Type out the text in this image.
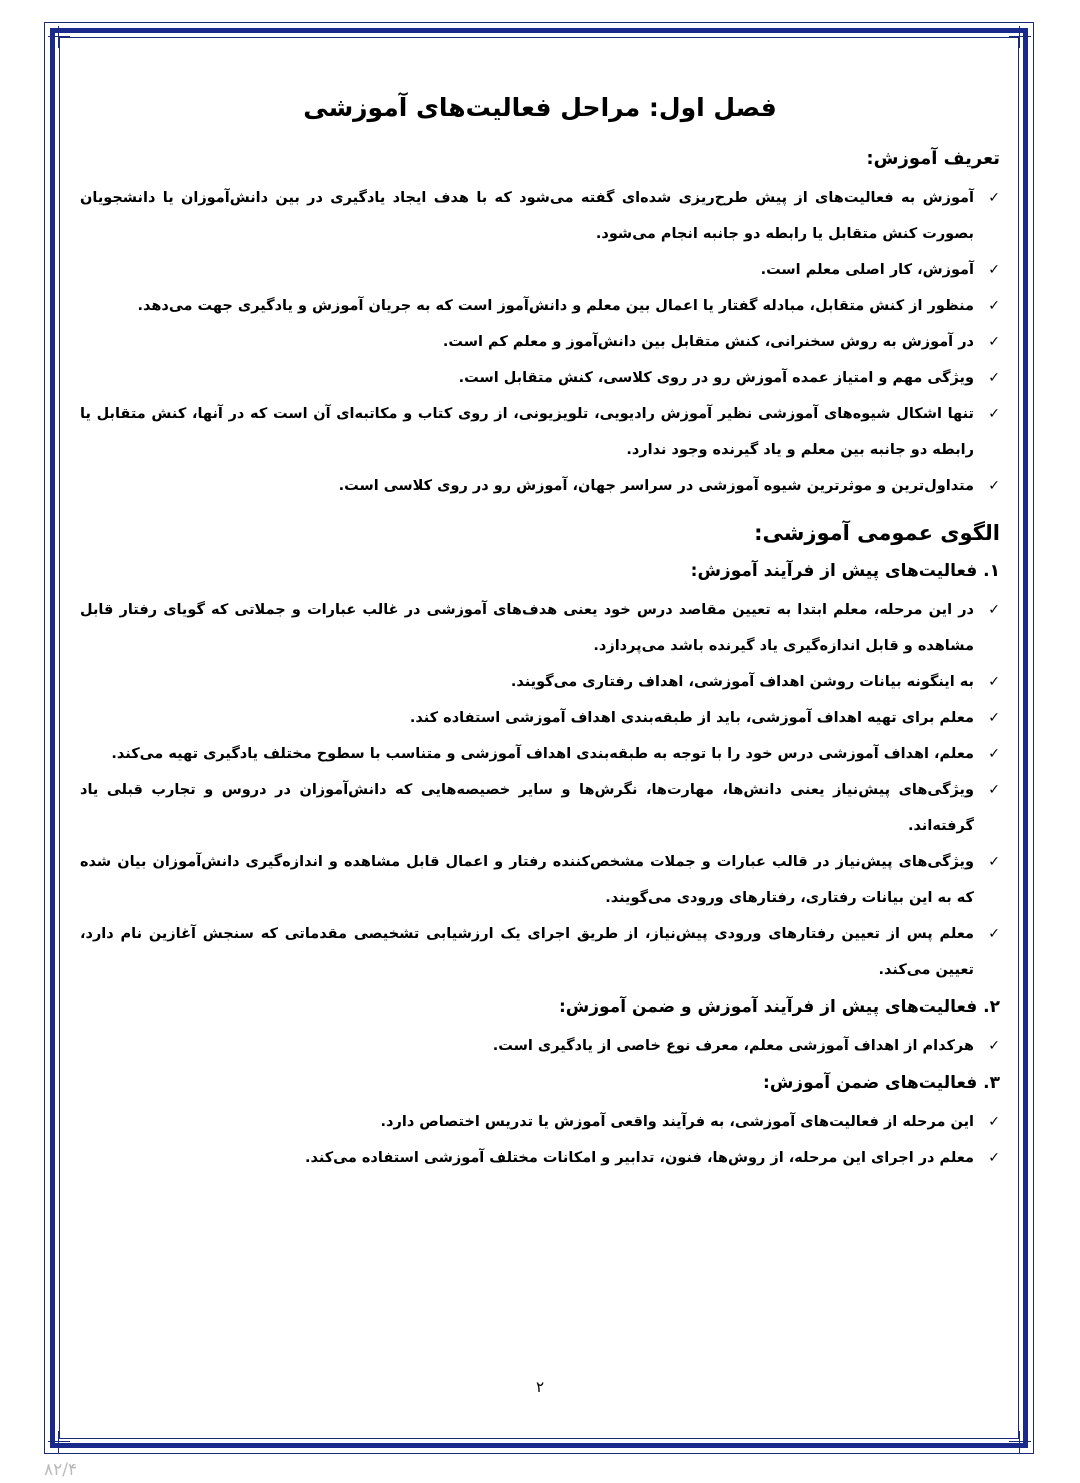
فصل اول: مراحل فعالیت‌های آموزشی
تعریف آموزش:
✓
آموزش به فعالیت‌های از پیش طرح‌ریزی شده‌ای گفته می‌شود که با هدف ایجاد یادگیری در بین دانش‌آموزان یا دانشجویان بصورت کنش متقابل یا رابطه دو جانبه انجام می‌شود.
✓
آموزش، کار اصلی معلم است.
✓
منظور از کنش متقابل، مبادله گفتار یا اعمال بین معلم و دانش‌آموز است که به جریان آموزش و یادگیری جهت می‌دهد.
✓
در آموزش به روش سخنرانی، کنش متقابل بین دانش‌آموز و معلم کم است.
✓
ویژگی مهم و امتیاز عمده آموزش رو در روی کلاسی، کنش متقابل است.
✓
تنها اشکال شیوه‌های آموزشی نظیر آموزش رادیویی، تلویزیونی، از روی کتاب و مکاتبه‌ای آن است که در آنها، کنش متقابل یا رابطه دو جانبه بین معلم و یاد گیرنده وجود ندارد.
✓
متداول‌ترین و موثرترین شیوه آموزشی در سراسر جهان، آموزش رو در روی کلاسی است.
الگوی عمومی آموزشی:
۱. فعالیت‌های پیش از فرآیند آموزش:
✓
در این مرحله، معلم ابتدا به تعیین مقاصد درس خود یعنی هدف‌های آموزشی در غالب عبارات و جملاتی که گویای رفتار قابل مشاهده و قابل اندازه‌گیری یاد گیرنده باشد می‌پردازد.
✓
به اینگونه بیانات روشن اهداف آموزشی، اهداف رفتاری می‌گویند.
✓
معلم برای تهیه اهداف آموزشی، باید از طبقه‌بندی اهداف آموزشی استفاده کند.
✓
معلم، اهداف آموزشی درس خود را با توجه به طبقه‌بندی اهداف آموزشی و متناسب با سطوح مختلف یادگیری تهیه می‌کند.
✓
ویژگی‌های پیش‌نیاز یعنی دانش‌ها، مهارت‌ها، نگرش‌ها و سایر خصیصه‌هایی که دانش‌آموزان در دروس و تجارب قبلی یاد گرفته‌اند.
✓
ویژگی‌های پیش‌نیاز در قالب عبارات و جملات مشخص‌کننده رفتار و اعمال قابل مشاهده و اندازه‌گیری دانش‌آموزان بیان شده که به این بیانات رفتاری، رفتارهای ورودی می‌گویند.
✓
معلم پس از تعیین رفتارهای ورودی پیش‌نیاز، از طریق اجرای یک ارزشیابی تشخیصی مقدماتی که سنجش آغازین نام دارد، تعیین می‌کند.
۲. فعالیت‌های پیش از فرآیند آموزش و ضمن آموزش:
✓
هرکدام از اهداف آموزشی معلم، معرف نوع خاصی از یادگیری است.
۳. فعالیت‌های ضمن آموزش:
✓
این مرحله از فعالیت‌های آموزشی، به فرآیند واقعی آموزش یا تدریس اختصاص دارد.
✓
معلم در اجرای این مرحله، از روش‌ها، فنون، تدابیر و امکانات مختلف آموزشی استفاده می‌کند.
۲
۸۲/۴
